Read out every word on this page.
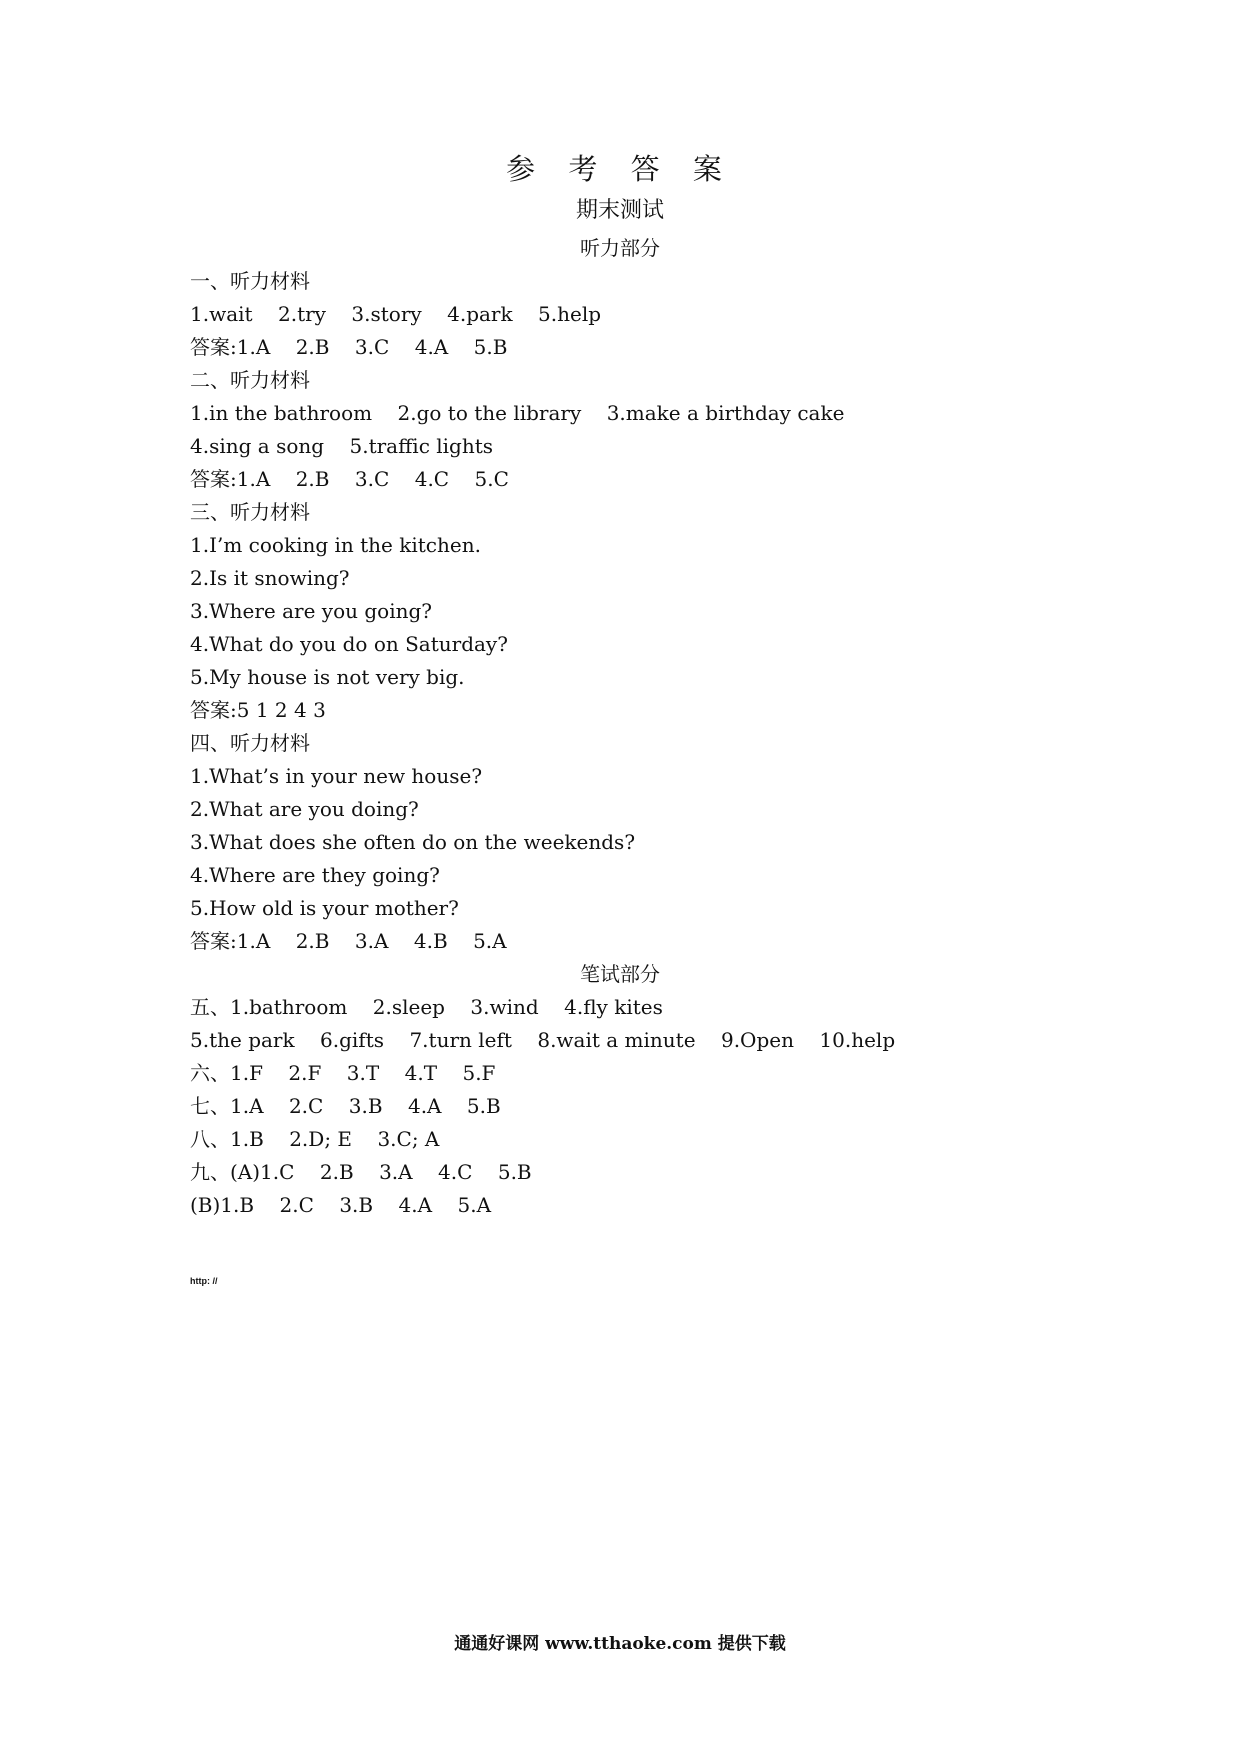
参 考 答 案
期末测试
听力部分
一、听力材料
1.wait    2.try    3.story    4.park    5.help
答案:1.A    2.B    3.C    4.A    5.B
二、听力材料
1.in the bathroom    2.go to the library    3.make a birthday cake
4.sing a song    5.traffic lights
答案:1.A    2.B    3.C    4.C    5.C
三、听力材料
1.I’m cooking in the kitchen.
2.Is it snowing?
3.Where are you going?
4.What do you do on Saturday?
5.My house is not very big.
答案:5 1 2 4 3
四、听力材料
1.What’s in your new house?
2.What are you doing?
3.What does she often do on the weekends?
4.Where are they going?
5.How old is your mother?
答案:1.A    2.B    3.A    4.B    5.A
笔试部分
五、1.bathroom    2.sleep    3.wind    4.fly kites
5.the park    6.gifts    7.turn left    8.wait a minute    9.Open    10.help
六、1.F    2.F    3.T    4.T    5.F
七、1.A    2.C    3.B    4.A    5.B
八、1.B    2.D; E    3.C; A
九、(A)1.C    2.B    3.A    4.C    5.B
(B)1.B    2.C    3.B    4.A    5.A
http: //
通通好课网 www.tthaoke.com 提供下载
